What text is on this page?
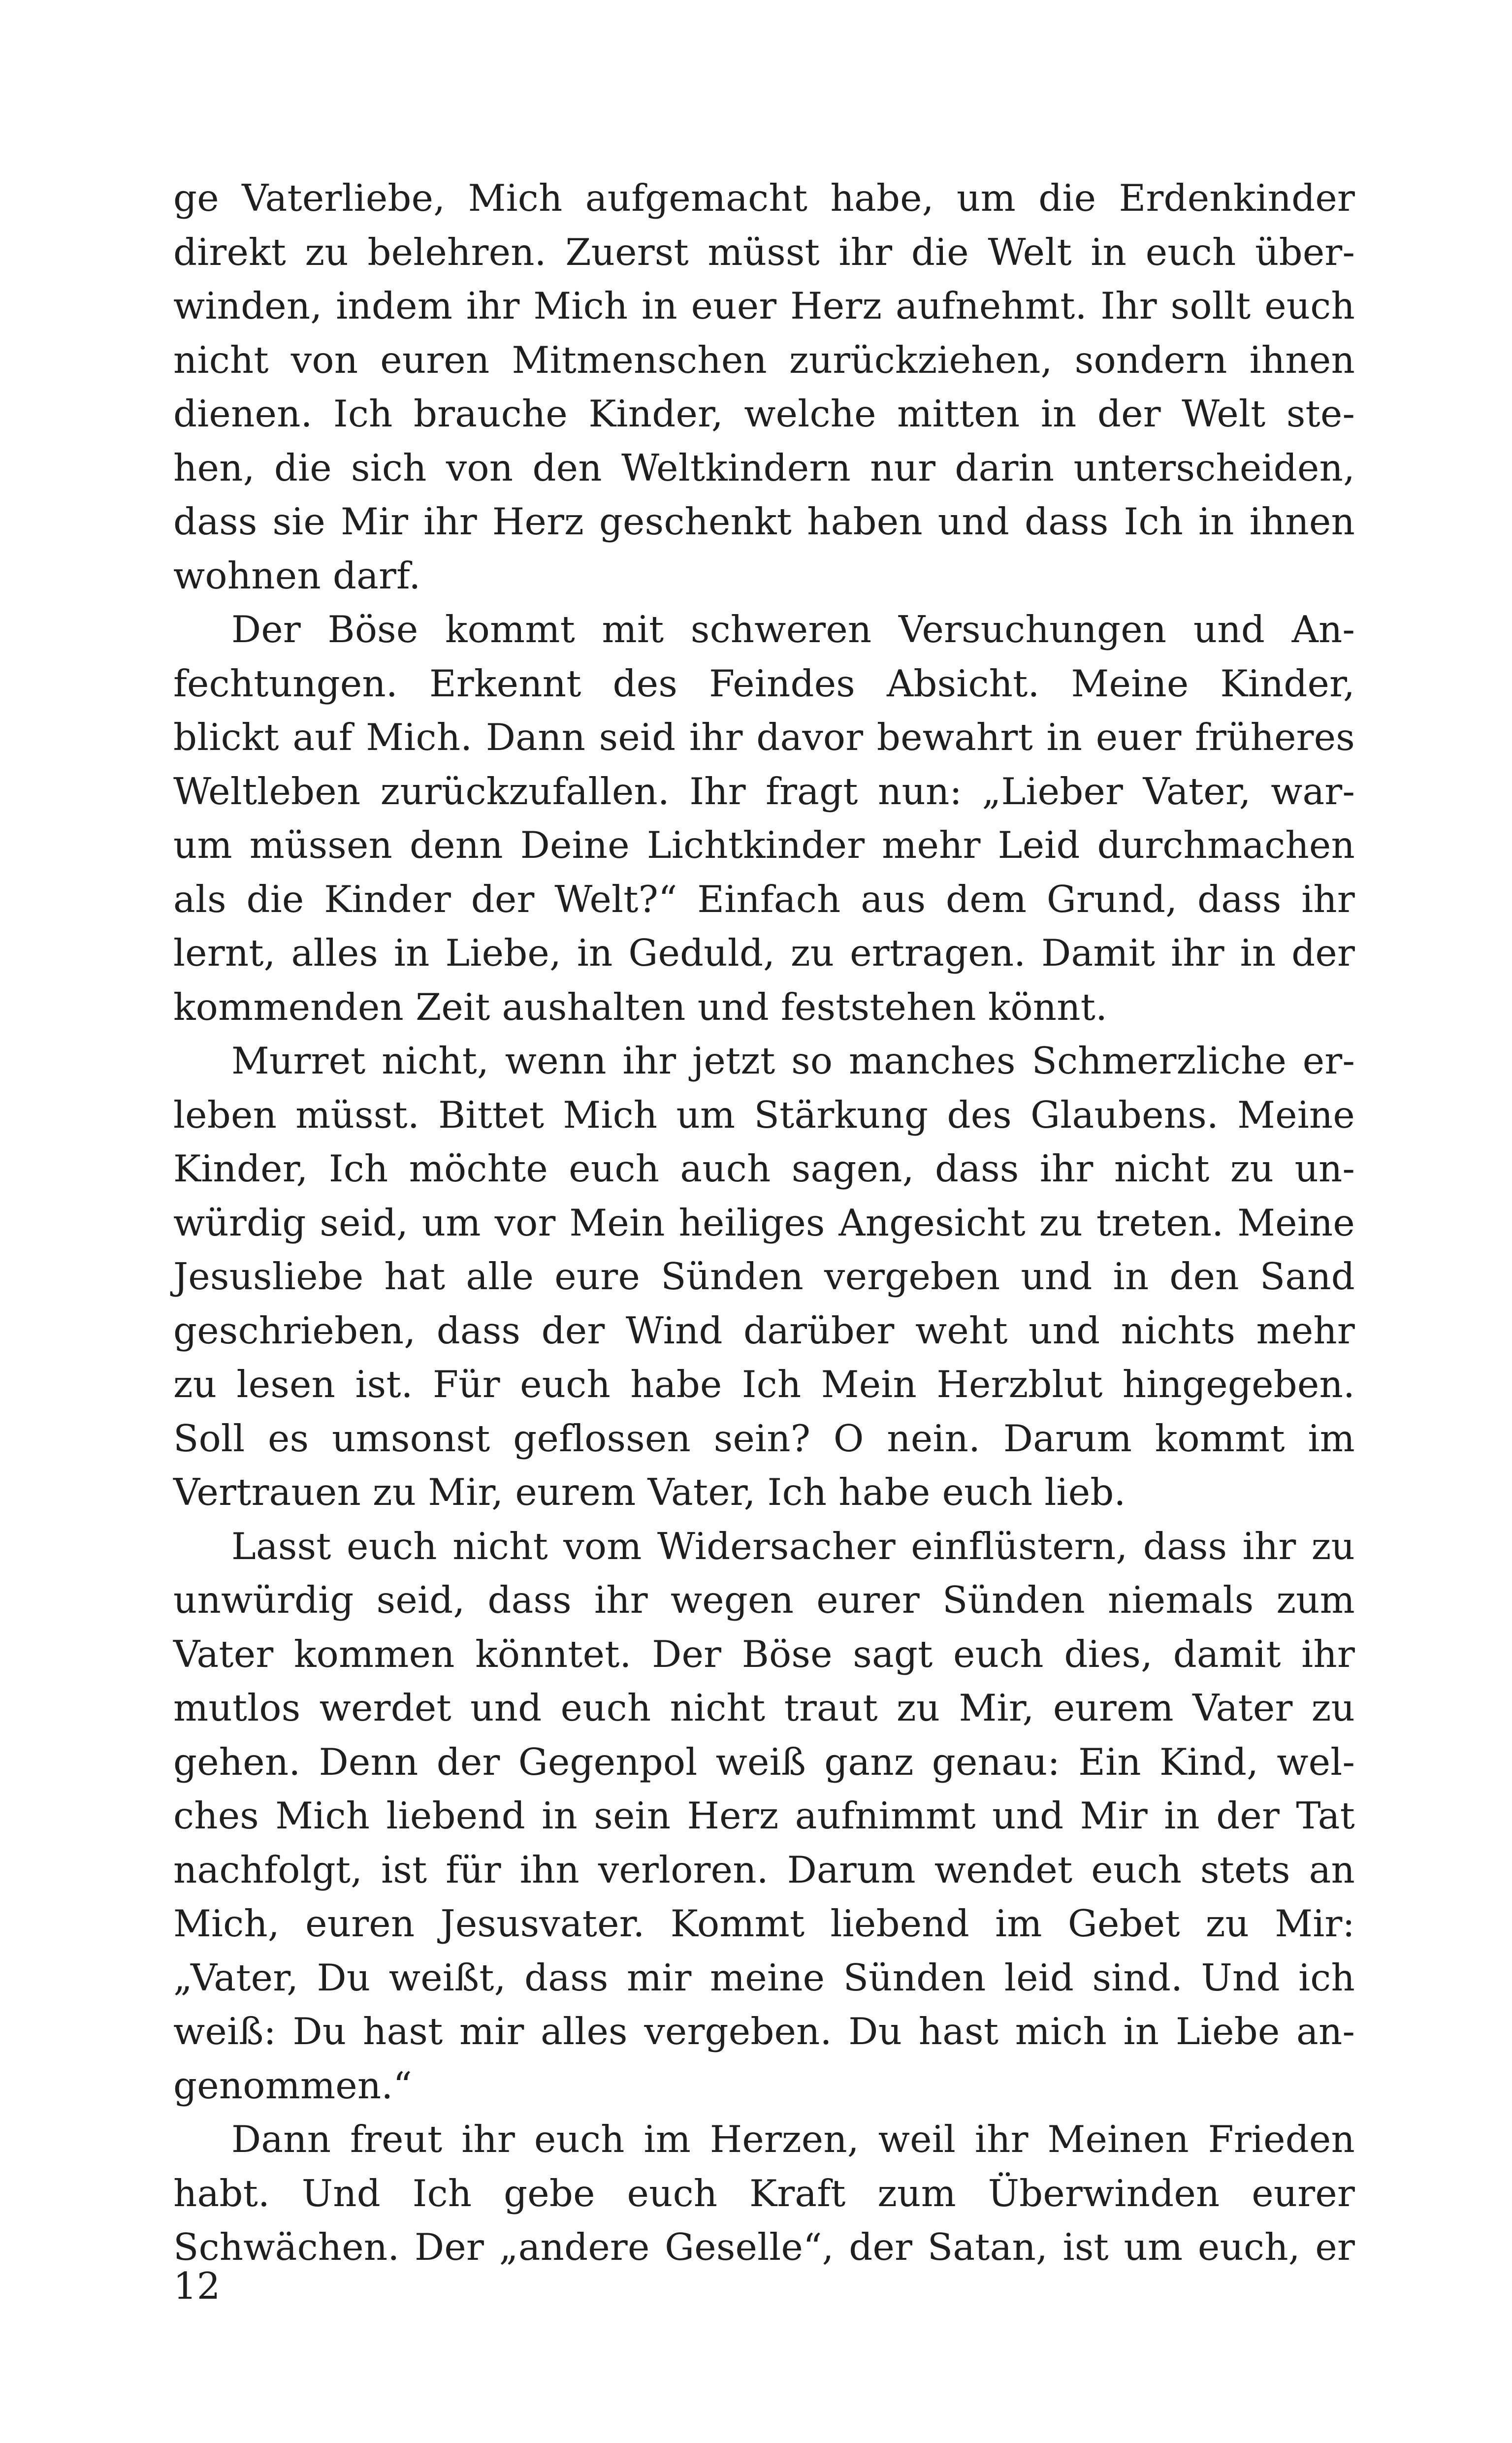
ge Vaterliebe, Mich aufgemacht habe, um die Erdenkinder
direkt zu belehren. Zuerst müsst ihr die Welt in euch über-
winden, indem ihr Mich in euer Herz aufnehmt. Ihr sollt euch
nicht von euren Mitmenschen zurückziehen, sondern ihnen
dienen. Ich brauche Kinder, welche mitten in der Welt ste-
hen, die sich von den Weltkindern nur darin unterscheiden,
dass sie Mir ihr Herz geschenkt haben und dass Ich in ihnen
wohnen darf.
Der Böse kommt mit schweren Versuchungen und An-
fechtungen. Erkennt des Feindes Absicht. Meine Kinder,
blickt auf Mich. Dann seid ihr davor bewahrt in euer früheres
Weltleben zurückzufallen. Ihr fragt nun: „Lieber Vater, war-
um müssen denn Deine Lichtkinder mehr Leid durchmachen
als die Kinder der Welt?“ Einfach aus dem Grund, dass ihr
lernt, alles in Liebe, in Geduld, zu ertragen. Damit ihr in der
kommenden Zeit aushalten und feststehen könnt.
Murret nicht, wenn ihr jetzt so manches Schmerzliche er-
leben müsst. Bittet Mich um Stärkung des Glaubens. Meine
Kinder, Ich möchte euch auch sagen, dass ihr nicht zu un-
würdig seid, um vor Mein heiliges Angesicht zu treten. Meine
Jesusliebe hat alle eure Sünden vergeben und in den Sand
geschrieben, dass der Wind darüber weht und nichts mehr
zu lesen ist. Für euch habe Ich Mein Herzblut hingegeben.
Soll es umsonst geflossen sein? O nein. Darum kommt im
Vertrauen zu Mir, eurem Vater, Ich habe euch lieb.
Lasst euch nicht vom Widersacher einflüstern, dass ihr zu
unwürdig seid, dass ihr wegen eurer Sünden niemals zum
Vater kommen könntet. Der Böse sagt euch dies, damit ihr
mutlos werdet und euch nicht traut zu Mir, eurem Vater zu
gehen. Denn der Gegenpol weiß ganz genau: Ein Kind, wel-
ches Mich liebend in sein Herz aufnimmt und Mir in der Tat
nachfolgt, ist für ihn verloren. Darum wendet euch stets an
Mich, euren Jesusvater. Kommt liebend im Gebet zu Mir:
„Vater, Du weißt, dass mir meine Sünden leid sind. Und ich
weiß: Du hast mir alles vergeben. Du hast mich in Liebe an-
genommen.“
Dann freut ihr euch im Herzen, weil ihr Meinen Frieden
habt. Und Ich gebe euch Kraft zum Überwinden eurer
Schwächen. Der „andere Geselle“, der Satan, ist um euch, er
12
